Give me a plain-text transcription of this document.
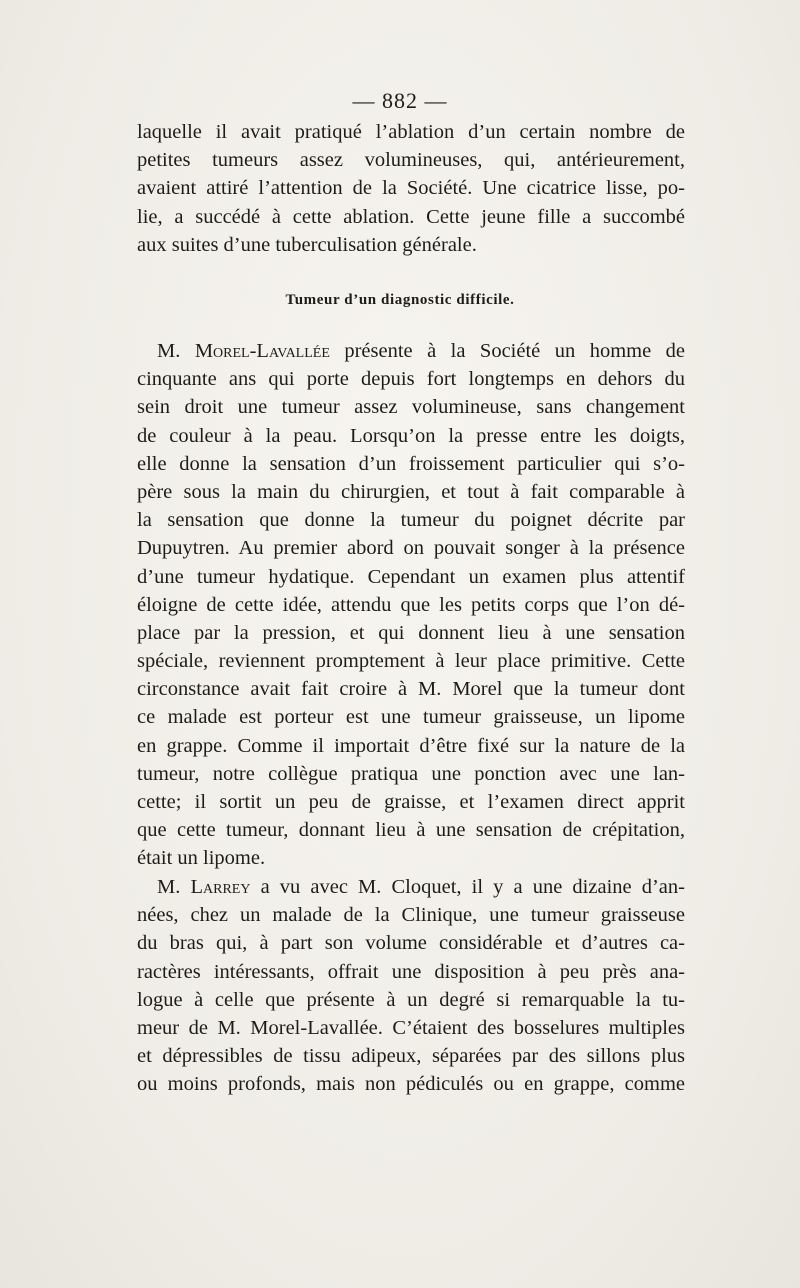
— 882 —
laquelle il avait pratiqué l’ablation d’un certain nombre de
petites tumeurs assez volumineuses, qui, antérieurement,
avaient attiré l’attention de la Société. Une cicatrice lisse, po-
lie, a succédé à cette ablation. Cette jeune fille a succombé
aux suites d’une tuberculisation générale.
Tumeur d’un diagnostic difficile.
M. Morel-Lavallée présente à la Société un homme de
cinquante ans qui porte depuis fort longtemps en dehors du
sein droit une tumeur assez volumineuse, sans changement
de couleur à la peau. Lorsqu’on la presse entre les doigts,
elle donne la sensation d’un froissement particulier qui s’o-
père sous la main du chirurgien, et tout à fait comparable à
la sensation que donne la tumeur du poignet décrite par
Dupuytren. Au premier abord on pouvait songer à la présence
d’une tumeur hydatique. Cependant un examen plus attentif
éloigne de cette idée, attendu que les petits corps que l’on dé-
place par la pression, et qui donnent lieu à une sensation
spéciale, reviennent promptement à leur place primitive. Cette
circonstance avait fait croire à M. Morel que la tumeur dont
ce malade est porteur est une tumeur graisseuse, un lipome
en grappe. Comme il importait d’être fixé sur la nature de la
tumeur, notre collègue pratiqua une ponction avec une lan-
cette; il sortit un peu de graisse, et l’examen direct apprit
que cette tumeur, donnant lieu à une sensation de crépitation,
était un lipome.
M. Larrey a vu avec M. Cloquet, il y a une dizaine d’an-
nées, chez un malade de la Clinique, une tumeur graisseuse
du bras qui, à part son volume considérable et d’autres ca-
ractères intéressants, offrait une disposition à peu près ana-
logue à celle que présente à un degré si remarquable la tu-
meur de M. Morel-Lavallée. C’étaient des bosselures multiples
et dépressibles de tissu adipeux, séparées par des sillons plus
ou moins profonds, mais non pédiculés ou en grappe, comme
